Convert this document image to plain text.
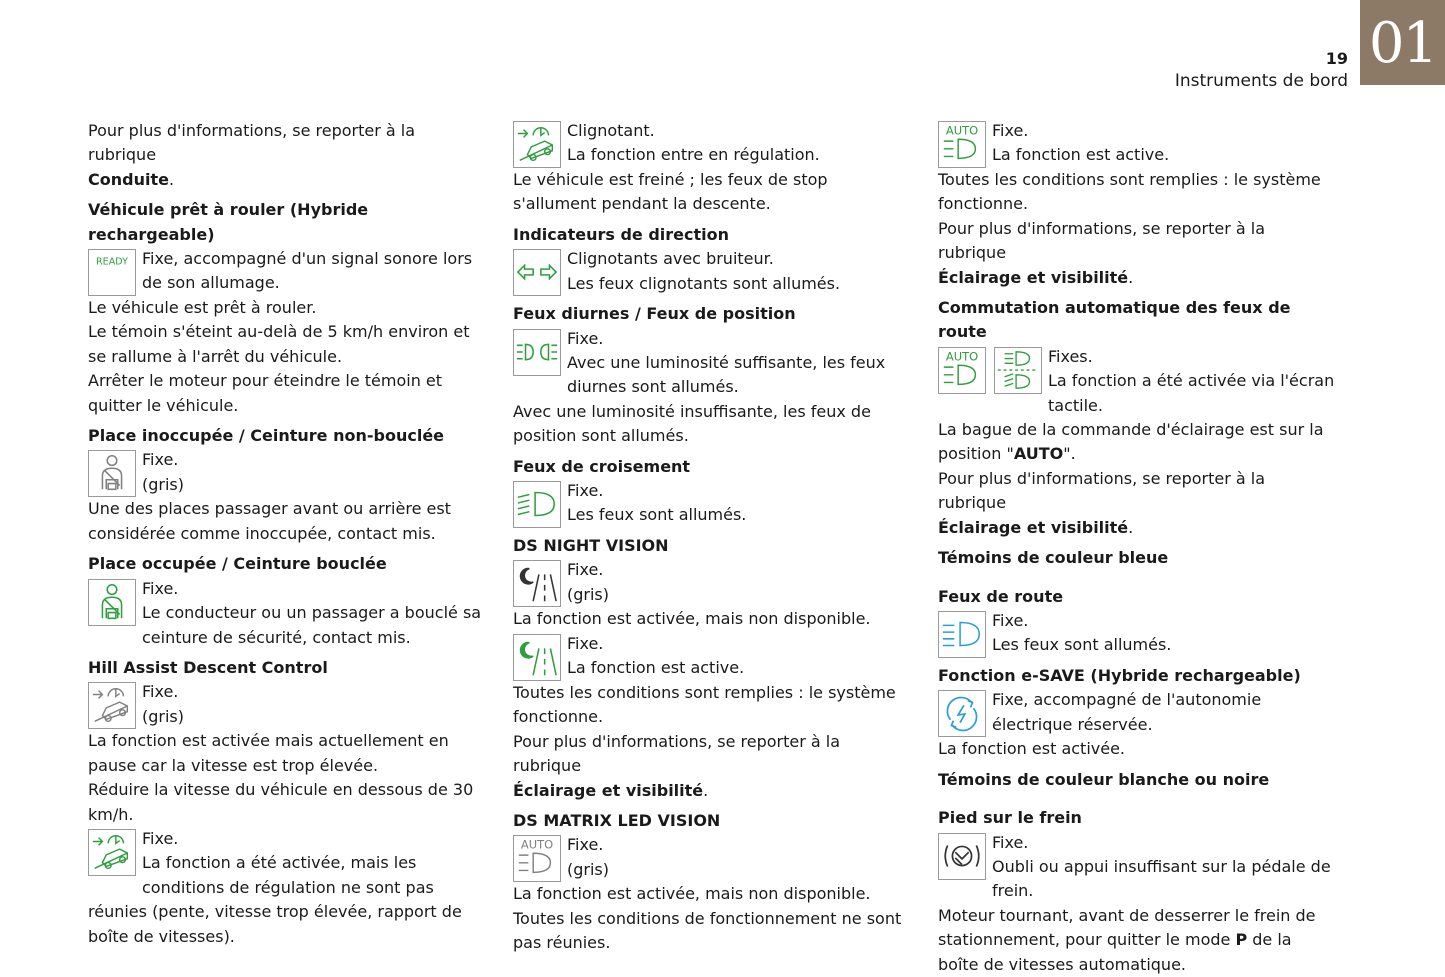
19
Instruments de bord
01

Pour plus d'informations, se reporter à la rubrique
Conduite.

Véhicule prêt à rouler (Hybride rechargeable)

READY Fixe, accompagné d'un signal sonore lors
de son allumage.

Le véhicule est prêt à rouler.

Le témoin s'éteint au-delà de 5 km/h environ et se rallume à l'arrêt du véhicule.

Arrêter le moteur pour éteindre le témoin et quitter le véhicule.

Place inoccupée / Ceinture non-bouclée

Fixe.
(gris)

Une des places passager avant ou arrière est considérée comme inoccupée, contact mis.

Place occupée / Ceinture bouclée

Fixe.
Le conducteur ou un passager a bouclé sa ceinture de sécurité, contact mis.

Hill Assist Descent Control

Fixe.
(gris)

La fonction est activée mais actuellement en pause car la vitesse est trop élevée.

Réduire la vitesse du véhicule en dessous de 30 km/h.

Fixe.
La fonction a été activée, mais les conditions de régulation ne sont pas réunies (pente, vitesse trop élevée, rapport de boîte de vitesses).
Clignotant.
La fonction entre en régulation.

Le véhicule est freiné ; les feux de stop s'allument pendant la descente.

Indicateurs de direction

Clignotants avec bruiteur.
Les feux clignotants sont allumés.

Feux diurnes / Feux de position

Fixe.
Avec une luminosité suffisante, les feux diurnes sont allumés.

Avec une luminosité insuffisante, les feux de position sont allumés.

Feux de croisement

Fixe.
Les feux sont allumés.

DS NIGHT VISION

Fixe.
(gris)

La fonction est activée, mais non disponible.

Fixe.
La fonction est active.

Toutes les conditions sont remplies : le système fonctionne.

Pour plus d'informations, se reporter à la rubrique
Éclairage et visibilité.

DS MATRIX LED VISION

AUTO Fixe.
(gris)

La fonction est activée, mais non disponible.

Toutes les conditions de fonctionnement ne sont pas réunies.

AUTO Fixe.
La fonction est active.

Toutes les conditions sont remplies : le système fonctionne.

Pour plus d'informations, se reporter à la rubrique
Éclairage et visibilité.

Commutation automatique des feux de route

AUTO	Fixes.
La fonction a été activée via l'écran tactile.

La bague de la commande d'éclairage est sur la position "AUTO".

Pour plus d'informations, se reporter à la rubrique
Éclairage et visibilité.

Témoins de couleur bleue

Feux de route

Fixe.
Les feux sont allumés.

Fonction e-SAVE (Hybride rechargeable)

Fixe, accompagné de l'autonomie
électrique réservée.

La fonction est activée.

Témoins de couleur blanche ou noire

Pied sur le frein

Fixe.
Oubli ou appui insuffisant sur la pédale de frein.

Moteur tournant, avant de desserrer le frein de stationnement, pour quitter le mode P de la boîte de vitesses automatique.
